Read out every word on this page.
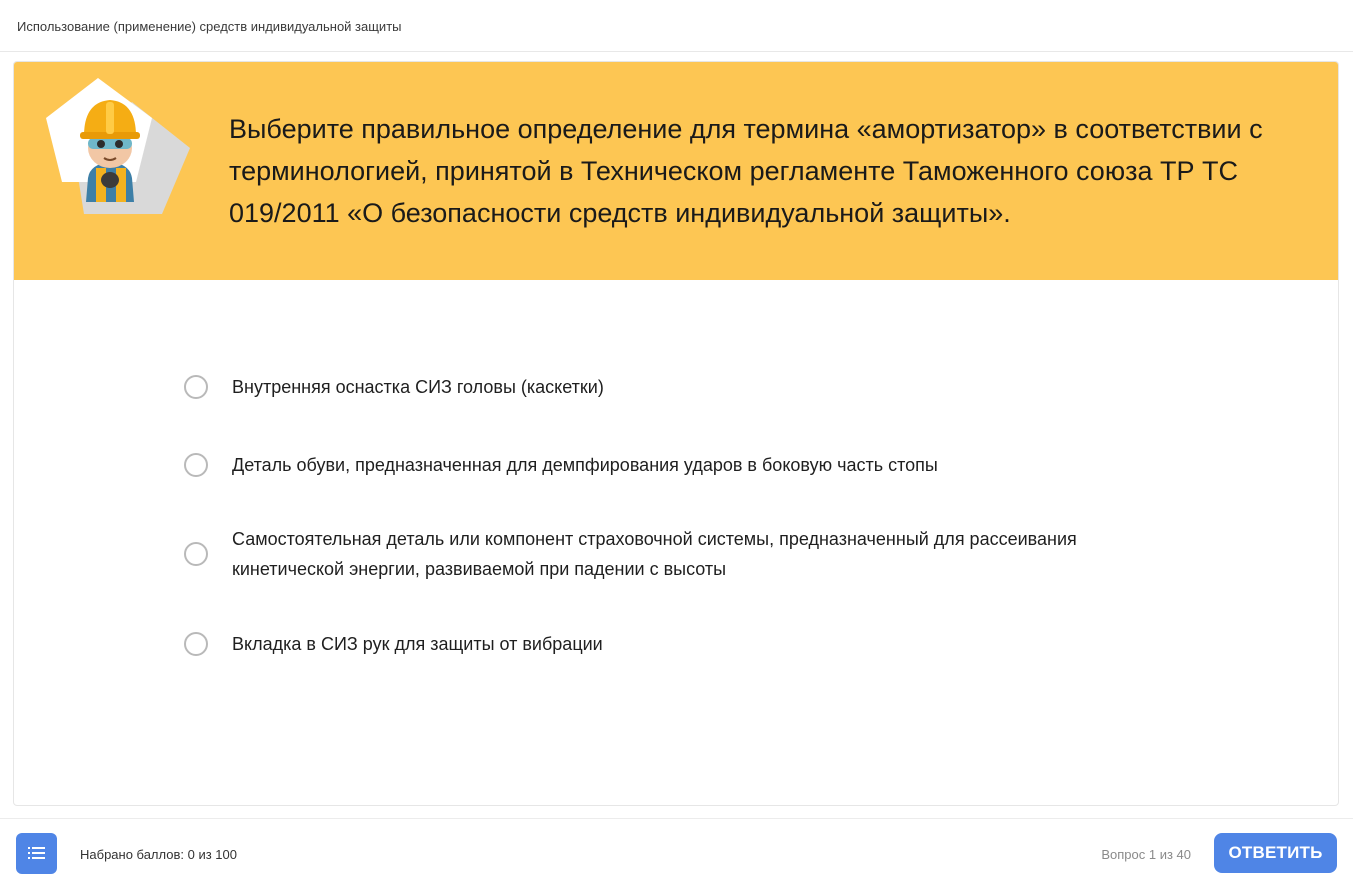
Использование (применение) средств индивидуальной защиты

Выберите правильное определение для термина «амортизатор» в соответствии с терминологией, принятой в Техническом регламенте Таможенного союза ТР ТС 019/2011 «О безопасности средств индивидуальной защиты».

Внутренняя оснастка СИЗ головы (каскетки)
Деталь обуви, предназначенная для демпфирования ударов в боковую часть стопы
Самостоятельная деталь или компонент страховочной системы, предназначенный для рассеивания кинетической энергии, развиваемой при падении с высоты
Вкладка в СИЗ рук для защиты от вибрации
Набрано баллов: 0 из 100	Вопрос 1 из 40	ОТВЕТИТЬ
